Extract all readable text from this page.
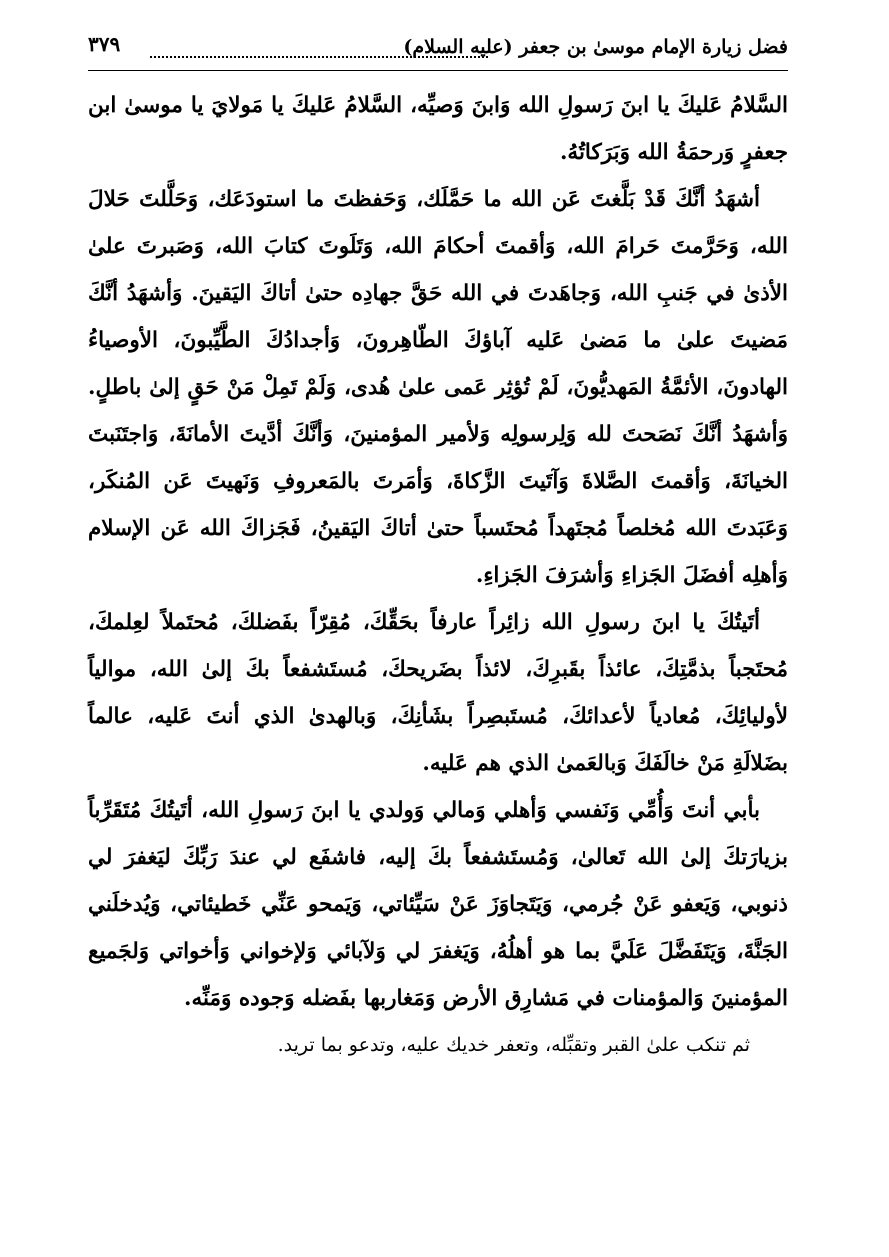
فضل زيارة الإمام موسىٰ بن جعفر (عليه السلام)
٣٧٩

السَّلامُ عَليكَ يا ابنَ رَسولِ الله وَابنَ وَصيِّه، السَّلامُ عَليكَ يا مَولايَ يا موسىٰ ابن جعفرٍ وَرحمَةُ الله وَبَرَكاتُهُ.

أشهَدُ أنَّكَ قَدْ بَلَّغتَ عَن الله ما حَمَّلَك، وَحَفظتَ ما استودَعَك، وَحَلَّلتَ حَلالَ الله، وَحَرَّمتَ حَرامَ الله، وَأقمتَ أحكامَ الله، وَتَلَوتَ كتابَ الله، وَصَبرتَ علىٰ الأذىٰ في جَنبِ الله، وَجاهَدتَ في الله حَقَّ جهادِه حتىٰ أتاكَ اليَقينَ. وَأشهَدُ أنَّكَ مَضيتَ علىٰ ما مَضىٰ عَليه آباؤكَ الطّاهِرونَ، وَأجدادُكَ الطَّيِّبونَ، الأوصياءُ الهادونَ، الأئمَّةُ المَهديُّونَ، لَمْ تُؤثِر عَمى علىٰ هُدى، وَلَمْ تَمِلْ مَنْ حَقٍ إلىٰ باطلٍ. وَأشهَدُ أنَّكَ نَصَحتَ لله وَلِرسولِه وَلأمير المؤمنينَ، وَأنَّكَ أدَّيتَ الأمانَةَ، وَاجتَنَبتَ الخيانَةَ، وَأقمتَ الصَّلاةَ وَآتَيتَ الزَّكاةَ، وَأمَرتَ بالمَعروفِ وَنَهيتَ عَن المُنكَر، وَعَبَدتَ الله مُخلصاً مُجتَهداً مُحتَسباً حتىٰ أتاكَ اليَقينُ، فَجَزاكَ الله عَن الإسلام وَأهلِه أفضَلَ الجَزاءِ وَأشرَفَ الجَزاءِ.

أتَيتُكَ يا ابنَ رسولِ الله زائِراً عارفاً بحَقِّكَ، مُقِرّاً بفَضلكَ، مُحتَملاً لعِلمكَ، مُحتَجباً بذمَّتِكَ، عائذاً بقَبرِكَ، لائذاً بضَريحكَ، مُستَشفعاً بكَ إلىٰ الله، موالياً لأوليائِكَ، مُعادياً لأعدائكَ، مُستَبصِراً بشَأنِكَ، وَبالهدىٰ الذي أنتَ عَليه، عالماً بضَلالَةِ مَنْ خالَفَكَ وَبالعَمىٰ الذي هم عَليه.

بأبي أنتَ وَأُمِّي وَنَفسي وَأهلي وَمالي وَولدي يا ابنَ رَسولِ الله، أتَيتُكَ مُتَقَرِّباً بزيارَتكَ إلىٰ الله تَعالىٰ، وَمُستَشفعاً بكَ إليه، فاشفَع لي عندَ رَبِّكَ ليَغفرَ لي ذنوبي، وَيَعفو عَنْ جُرمي، وَيَتَجاوَزَ عَنْ سَيِّئاتي، وَيَمحو عَنِّي خَطيئاتي، وَيُدخلَني الجَنَّةَ، وَيَتَفَضَّلَ عَلَيَّ بما هو أهلُهُ، وَيَغفرَ لي وَلآبائي وَلإخواني وَأخواتي وَلجَميع المؤمنينَ وَالمؤمنات في مَشارِق الأرض وَمَغاربها بفَضله وَجوده وَمَنِّه.

ثم تنكب علىٰ القبر وتقبِّله، وتعفر خديك عليه، وتدعو بما تريد.
